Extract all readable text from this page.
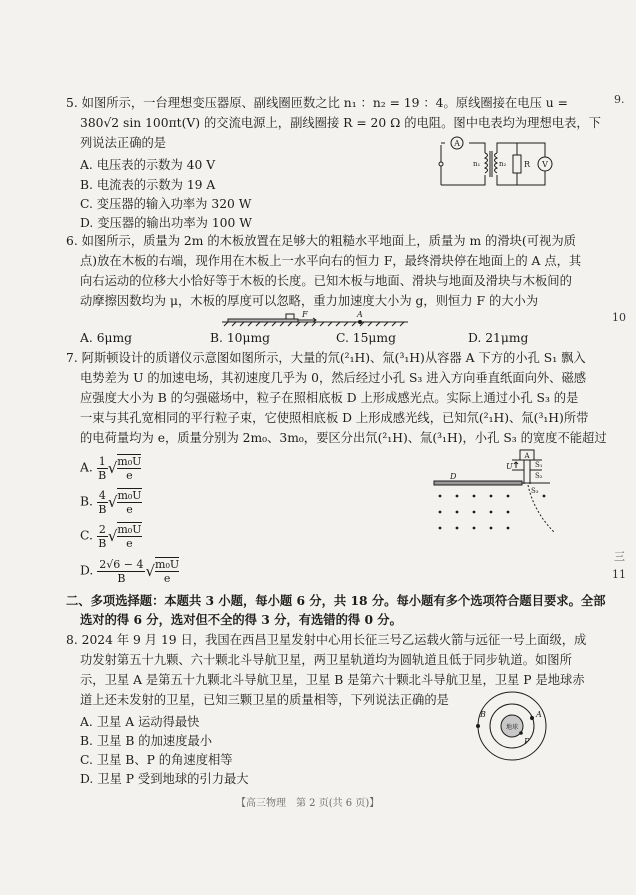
9.
10
三
11
5. 如图所示，一台理想变压器原、副线圈匝数之比 n₁ ：n₂ = 19 ：4。原线圈接在电压 u =
380√2 sin 100πt(V) 的交流电源上，副线圈接 R = 20 Ω 的电阻。图中电表均为理想电表，下
列说法正确的是
A. 电压表的示数为 40 V
B. 电流表的示数为 19 A
C. 变压器的输入功率为 320 W
D. 变压器的输出功率为 100 W
A
n₁	n₂ R V
6. 如图所示，质量为 2m 的木板放置在足够大的粗糙水平地面上，质量为 m 的滑块(可视为质
点)放在木板的右端，现作用在木板上一水平向右的恒力 F，最终滑块停在地面上的 A 点，其
向右运动的位移大小恰好等于木板的长度。已知木板与地面、滑块与地面及滑块与木板间的
动摩擦因数均为 μ，木板的厚度可以忽略，重力加速度大小为 g，则恒力 F 的大小为
F	A
A. 6μmg	B. 10μmg	C. 15μmg	D. 21μmg
7. 阿斯顿设计的质谱仪示意图如图所示，大量的氘(²₁H)、氚(³₁H)从容器 A 下方的小孔 S₁ 飘入
电势差为 U 的加速电场，其初速度几乎为 0，然后经过小孔 S₃ 进入方向垂直纸面向外、磁感
应强度大小为 B 的匀强磁场中，粒子在照相底板 D 上形成感光点。实际上通过小孔 S₃ 的是
一束与其孔宽相同的平行粒子束，它使照相底板 D 上形成感光线，已知氘(²₁H)、氚(³₁H)所带
的电荷量均为 e，质量分别为 2m₀、3m₀，要区分出氘(²₁H)、氚(³₁H)，小孔 S₃ 的宽度不能超过
A. $\frac{1}{B}$ √ $\frac{\text{m₀U}}{e}$
B. $\frac{4}{B}$ √ $\frac{\text{m₀U}}{e}$
C. $\frac{2}{B}$ √ $\frac{\text{m₀U}}{e}$
D. $\frac{2√6 - 4}{B}$ √ $\frac{\text{m₀U}}{e}$
A
U	S₁
S₂
S₃
D
二、多项选择题：本题共 3 小题，每小题 6 分，共 18 分。每小题有多个选项符合题目要求。全部
选对的得 6 分，选对但不全的得 3 分，有选错的得 0 分。
8. 2024 年 9 月 19 日，我国在西昌卫星发射中心用长征三号乙运载火箭与远征一号上面级，成
功发射第五十九颗、六十颗北斗导航卫星，两卫星轨道均为圆轨道且低于同步轨道。如图所
示，卫星 A 是第五十九颗北斗导航卫星，卫星 B 是第六十颗北斗导航卫星，卫星 P 是地球赤
道上还未发射的卫星，已知三颗卫星的质量相等，下列说法正确的是
A. 卫星 A 运动得最快
B. 卫星 B 的加速度最小
C. 卫星 B、P 的角速度相等
D. 卫星 P 受到地球的引力最大
B	A
P
地球
【高三物理　第 2 页(共 6 页)】
